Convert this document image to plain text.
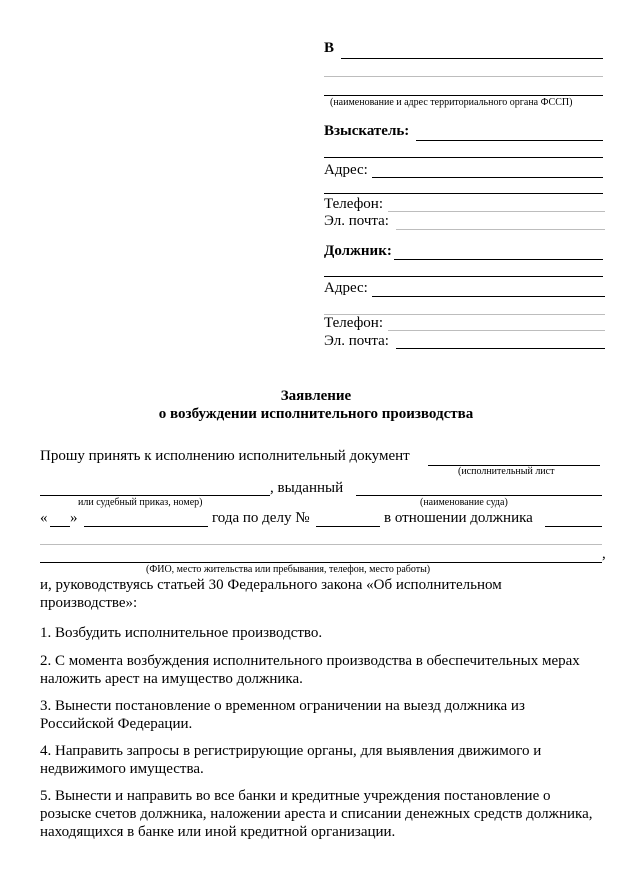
В
(наименование и адрес территориального органа ФССП)
Взыскатель:
Адрес:
Телефон:
Эл. почта:
Должник:
Адрес:
Телефон:
Эл. почта:
Заявление
о возбуждении исполнительного производства
Прошу принять к исполнению исполнительный документ
(исполнительный лист
, выданный
или судебный приказ, номер)	(наименование суда)
« »	года по делу №	в отношении должника
,
(ФИО, место жительства или пребывания, телефон, место работы)
и, руководствуясь статьей 30 Федерального закона «Об исполнительном производстве»:
1. Возбудить исполнительное производство.
2. С момента возбуждения исполнительного производства в обеспечительных мерах наложить арест на имущество должника.
3. Вынести постановление о временном ограничении на выезд должника из Российской Федерации.
4. Направить запросы в регистрирующие органы, для выявления движимого и недвижимого имущества.
5. Вынести и направить во все банки и кредитные учреждения постановление о розыске счетов должника, наложении ареста и списании денежных средств должника, находящихся в банке или иной кредитной организации.
